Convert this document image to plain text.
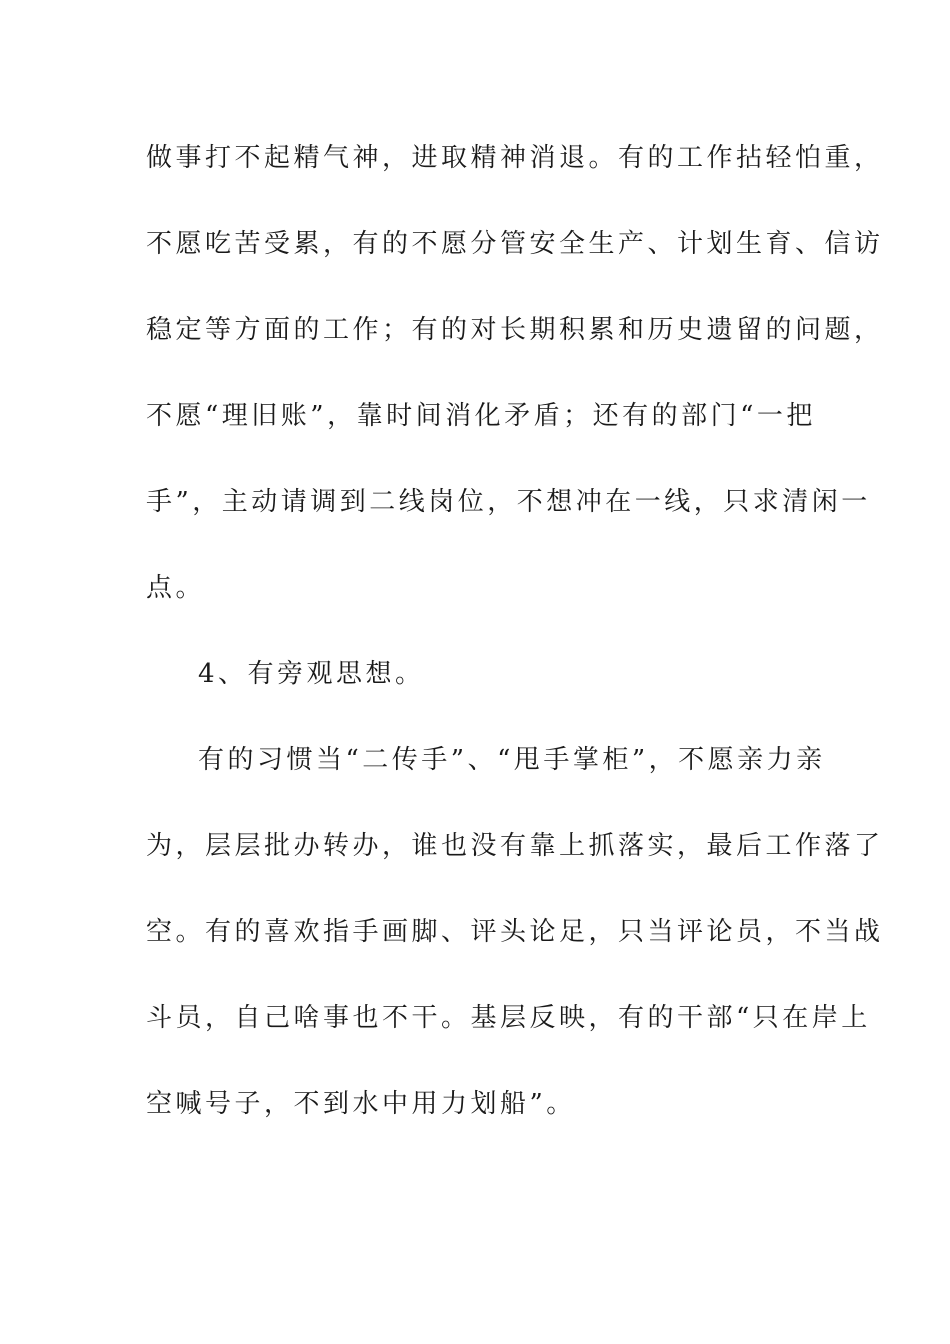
做事打不起精气神，进取精神消退。有的工作拈轻怕重，
不愿吃苦受累，有的不愿分管安全生产、计划生育、信访
稳定等方面的工作；有的对长期积累和历史遗留的问题，
不愿“理旧账”，靠时间消化矛盾；还有的部门“一把
手”，主动请调到二线岗位，不想冲在一线，只求清闲一
点。
4、有旁观思想。
有的习惯当“二传手”、“甩手掌柜”，不愿亲力亲
为，层层批办转办，谁也没有靠上抓落实，最后工作落了
空。有的喜欢指手画脚、评头论足，只当评论员，不当战
斗员，自己啥事也不干。基层反映，有的干部“只在岸上
空喊号子，不到水中用力划船”。
